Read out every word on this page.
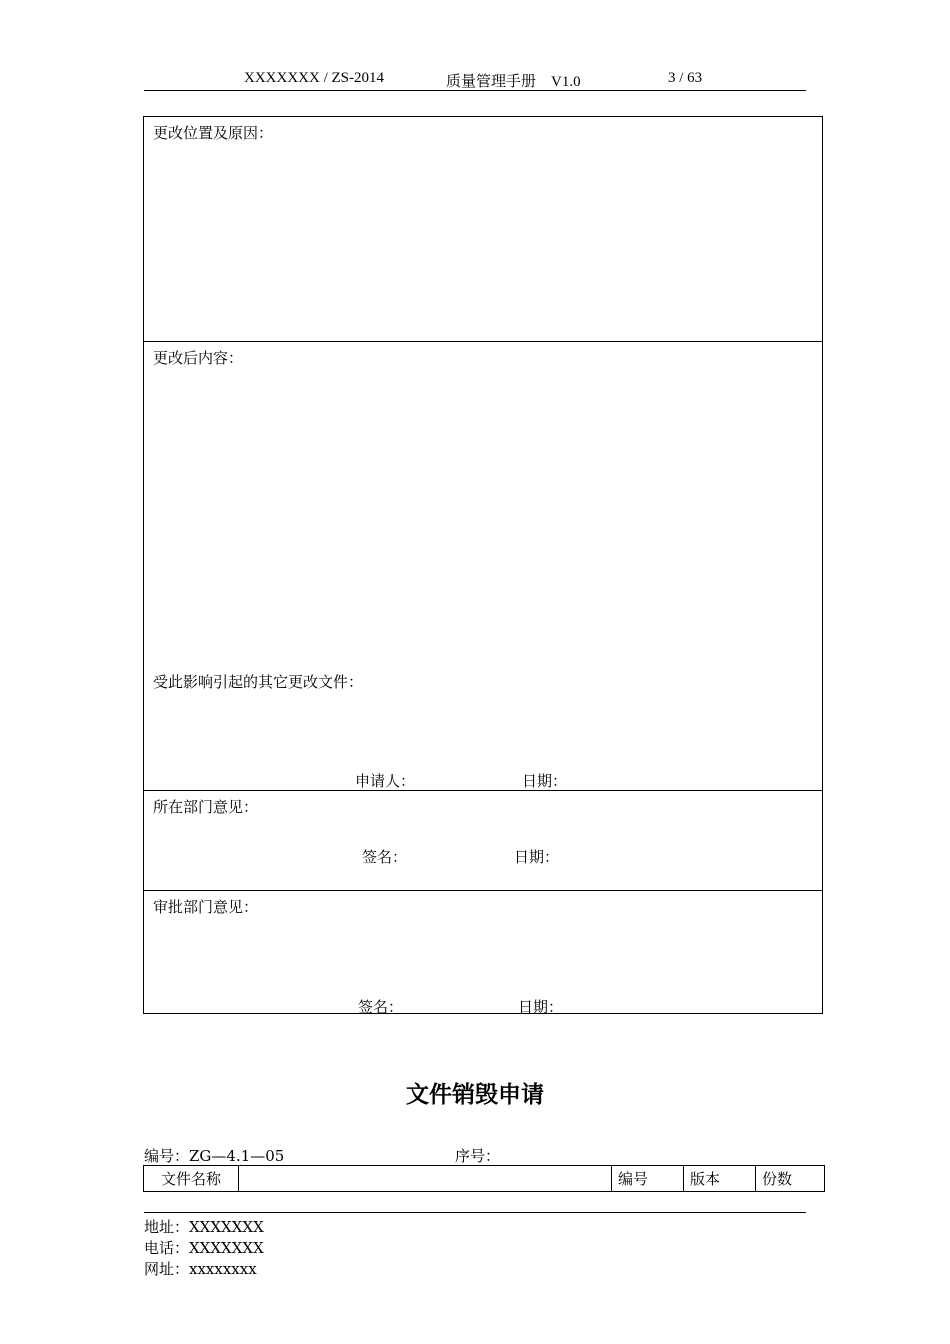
XXXXXXX / ZS-2014	质量管理手册　V1.0	3 / 63
更改位置及原因：
更改后内容：
受此影响引起的其它更改文件：
申请人：	日期：
所在部门意见：
签名：	日期：
审批部门意见：
签名：	日期：
文件销毁申请
编号：ZG—4.1—05	序号：
文件名称		编号	版本	份数
地址：XXXXXXX
电话：XXXXXXX
网址：xxxxxxxx
